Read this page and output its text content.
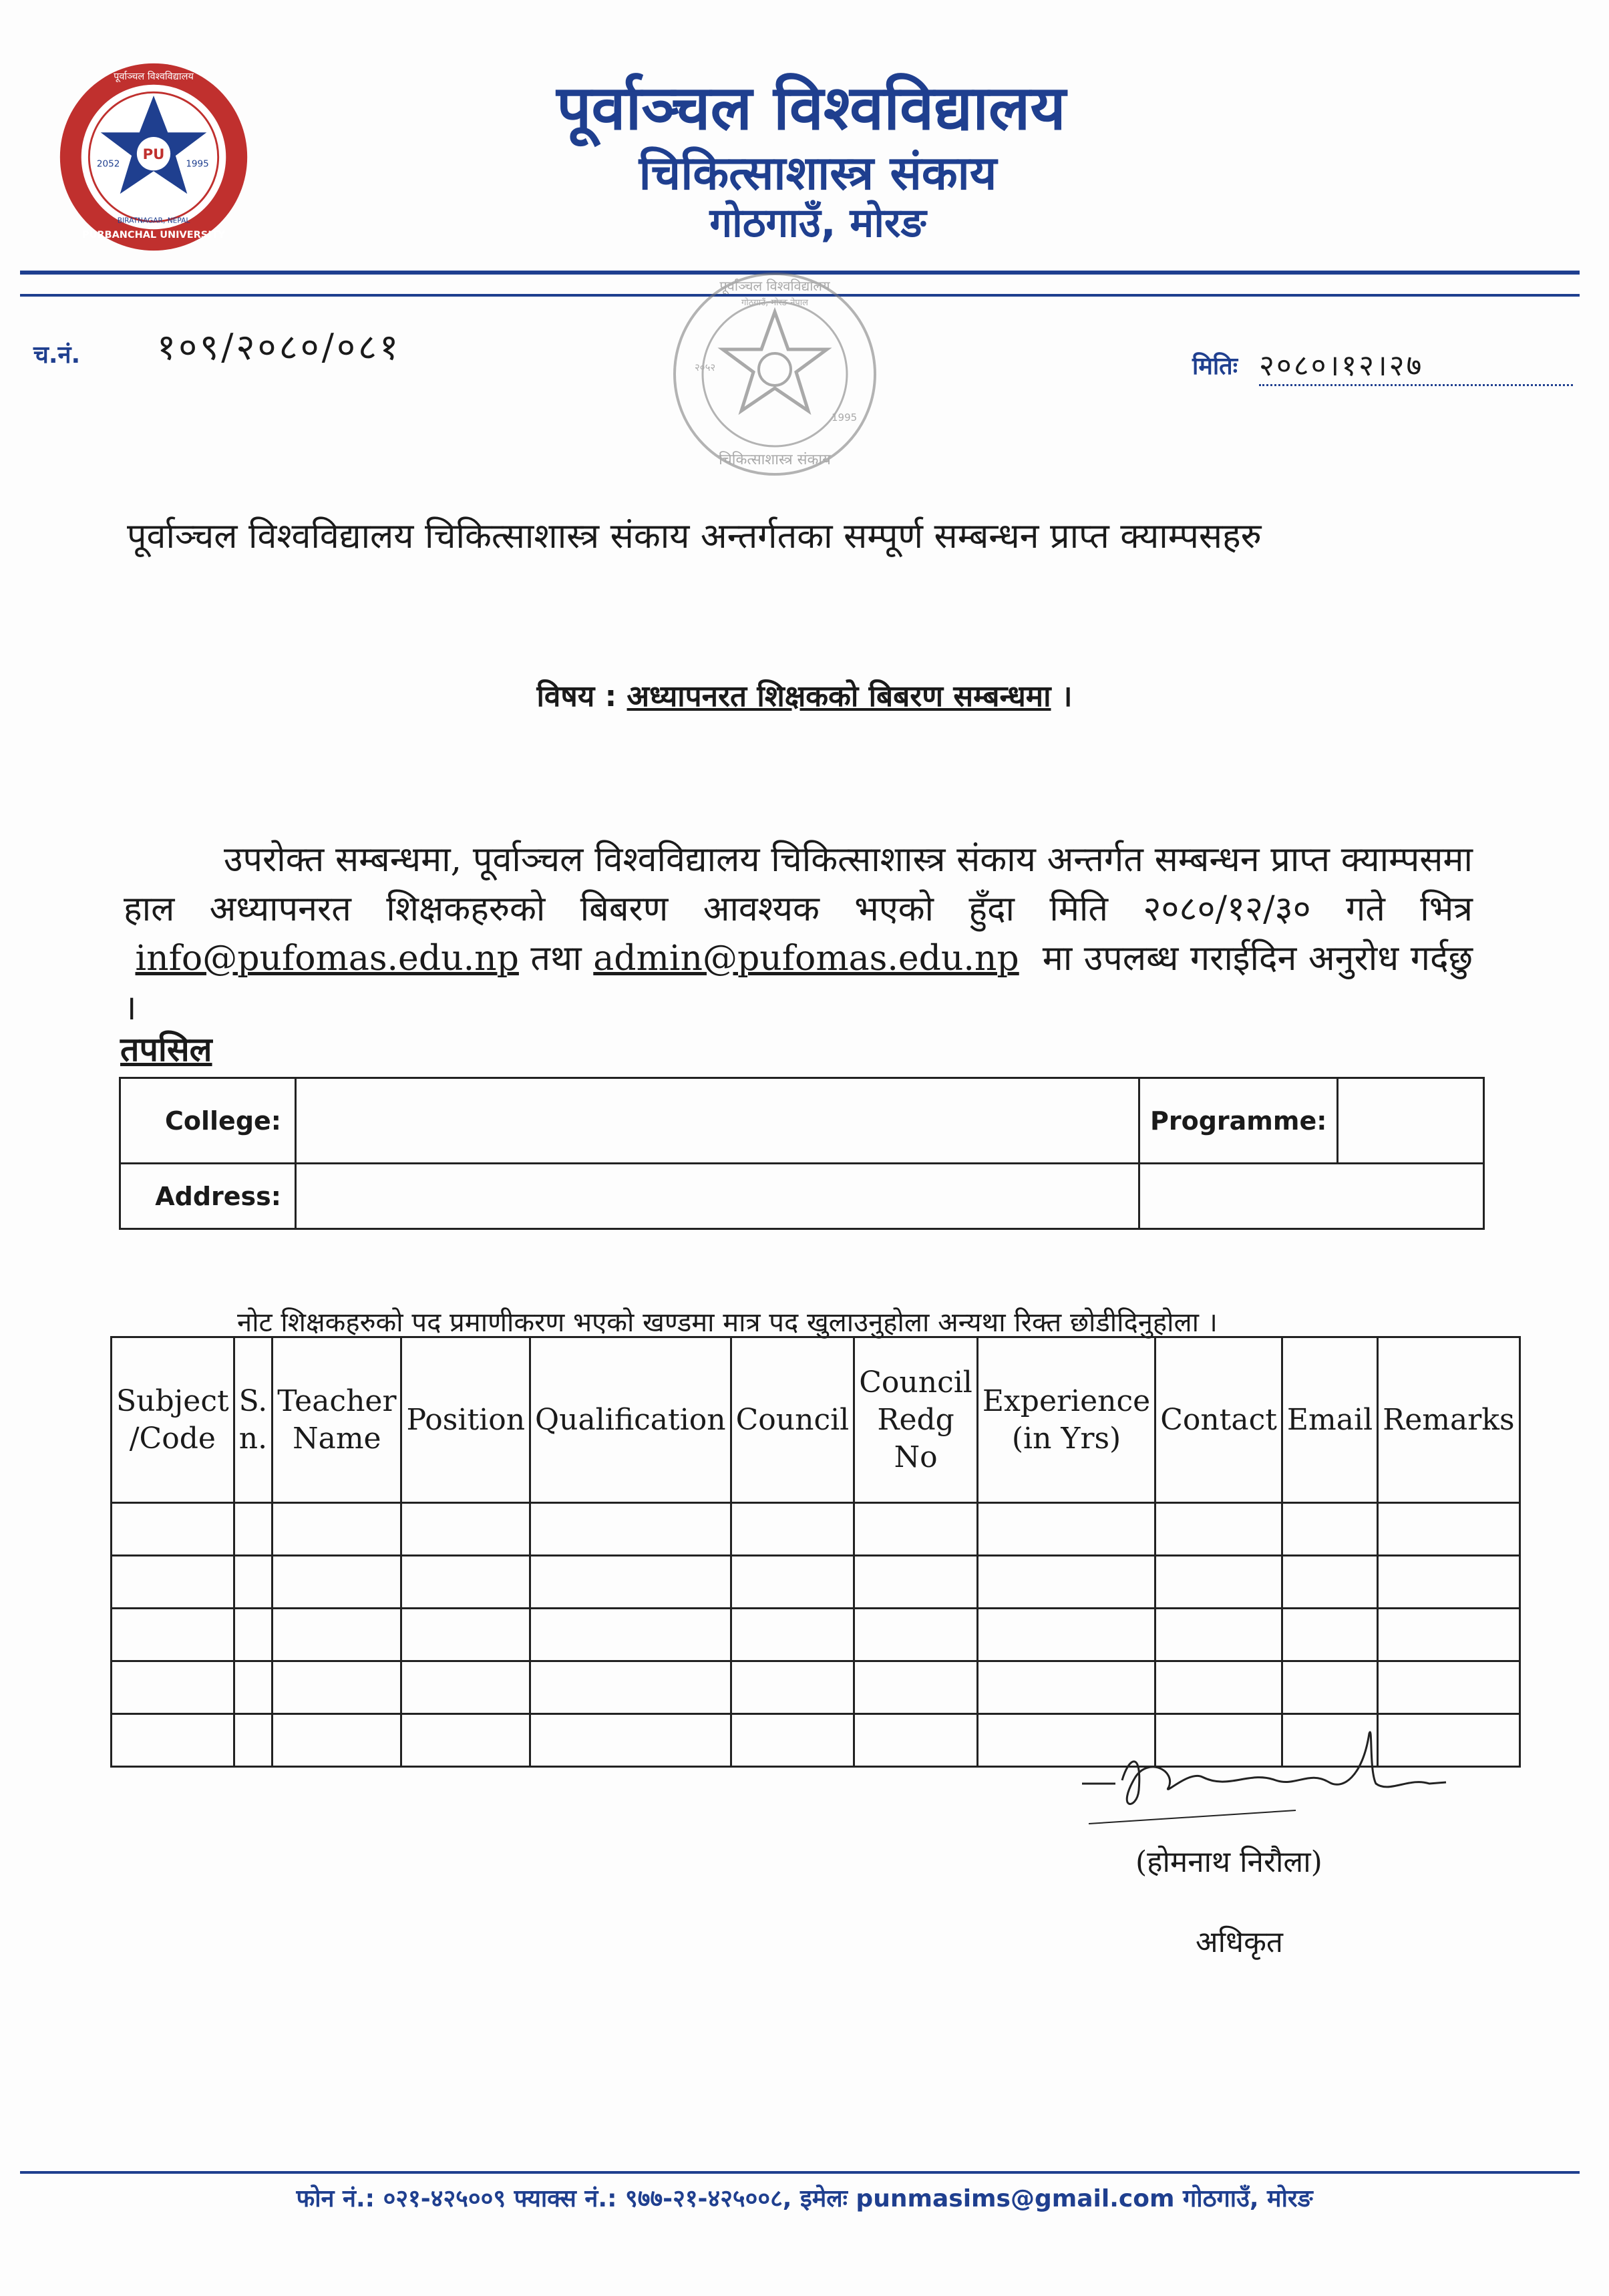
PU
2052	1995
पूर्वाञ्चल विश्वविद्यालय
PURBANCHAL UNIVERSITY
BIRATNAGAR, NEPAL
पूर्वाञ्चल विश्वविद्यालय
चिकित्साशास्त्र संकाय
गोठगाउँ, मोरङ
च.नं. १०९/२०८०/०८१	मितिः २०८०।१२।२७
पूर्वाञ्चल विश्वविद्यालय
गोठगाउँ, मोरङ नेपाल
चिकित्साशास्त्र संकाय
२०५२
1995
पूर्वाञ्चल विश्वविद्यालय चिकित्साशास्त्र संकाय अन्तर्गतका सम्पूर्ण सम्बन्धन प्राप्त क्याम्पसहरु
विषय : अध्यापनरत शिक्षकको बिबरण सम्बन्धमा ।
उपरोक्त सम्बन्धमा, पूर्वाञ्चल विश्वविद्यालय चिकित्साशास्त्र संकाय अन्तर्गत सम्बन्धन प्राप्त क्याम्पसमा हाल अध्यापनरत शिक्षकहरुको बिबरण आवश्यक भएको हुँदा मिति २०८०/१२/३० गते भित्र  info@pufomas.edu.np तथा admin@pufomas.edu.np मा उपलब्ध गराईदिन अनुरोध गर्दछु ।
तपसिल
College:		Programme:	
Address:			
नोट शिक्षकहरुको पद प्रमाणीकरण भएको खण्डमा मात्र पद खुलाउनुहोला अन्यथा रिक्त छोडीदिनुहोला ।
Subject /Code	S. n.	Teacher Name	Position	Qualification	Council	Council Redg No	Experience (in Yrs)	Contact	Email	Remarks

(होमनाथ निरौला)
अधिकृत
फोन नं.: ०२१-४२५००९ फ्याक्स नं.: ९७७-२१-४२५००८, इमेलः punmasims@gmail.com गोठगाउँ, मोरङ
